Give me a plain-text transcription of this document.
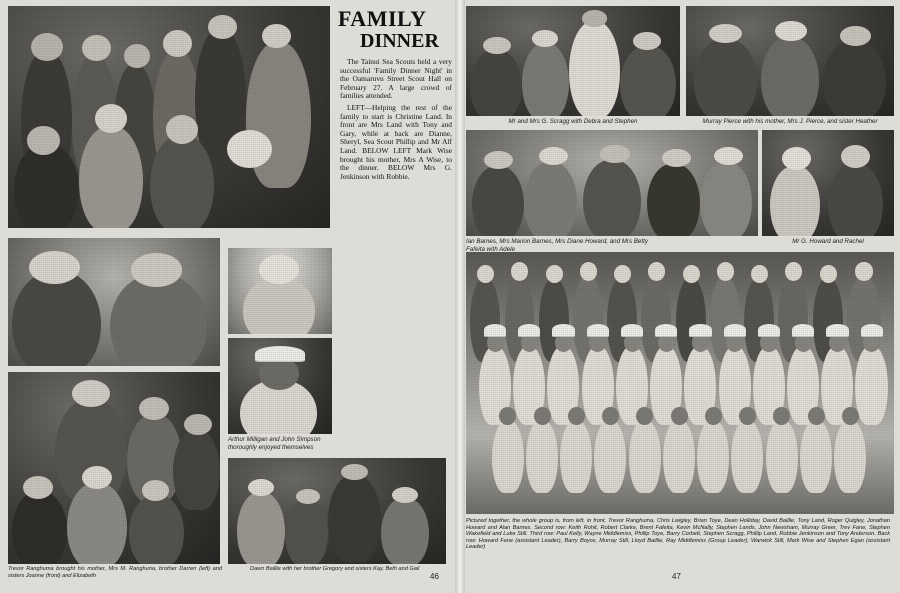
FAMILY
DINNER

The Tainui Sea Scouts held a very successful 'Family Dinner Night' in the Oamaruvu Street Scout Hall on February 27. A large crowd of families attended.

LEFT—Helping the rest of the family to start is Christine Land. In front are Mrs Land with Tony and Gary, while at back are Dianne, Sheryl, Sea Scout Phillip and Mr Alf Land. BELOW LEFT Mark Wise brought his mother, Mrs A Wise, to the dinner. BELOW Mrs G. Jenkinson with Robbie.

Trevor Ranghuma brought his mother, Mrs M. Ranghuna, brother Darren (left) and sisters Joanne (front) and Elizabeth
Arthur Milligan and John Simpson thoroughly enjoyed themselves
Dawn Baillie with her brother Gregory and sisters Kay, Beth and Gail
46
Mr and Mrs G. Scragg with Debra and Stephen	Murray Pierce with his mother, Mrs J. Pierce, and sister Heather
Ian Barnes, Mrs Marion Barnes, Mrs Diane Howard, and Mrs Betty Fafeita with Adele
Mr G. Howard and Rachel
Pictured together, the whole group is, from left, in front, Trevor Ranghuma, Chris Lwigley, Brian Toye, Dean Holliday, David Baillie, Tony Land, Roger Quigley, Jonathan Howard and Alan Barnes. Second row: Keith Rohit, Robert Clarke, Brent Fafeita, Kevin McNally, Stephen Lands, John Newsham, Murray Greer, Trev Fane, Stephen Wakefield and Luke Still. Third row: Paul Kelly, Wayne Middlemiss, Phillip Toye, Barry Corbett, Stephen Scragg, Phillip Land, Robbie Jenkinson and Tony Anderson. Back row: Howard Fane (assistant Leader), Barry Boyce, Murray Still, Lloyd Baillie, Ray Middlemiss (Group Leader), Warwick Still, Mark Wise and Stephen Egan (assistant Leader)
47
